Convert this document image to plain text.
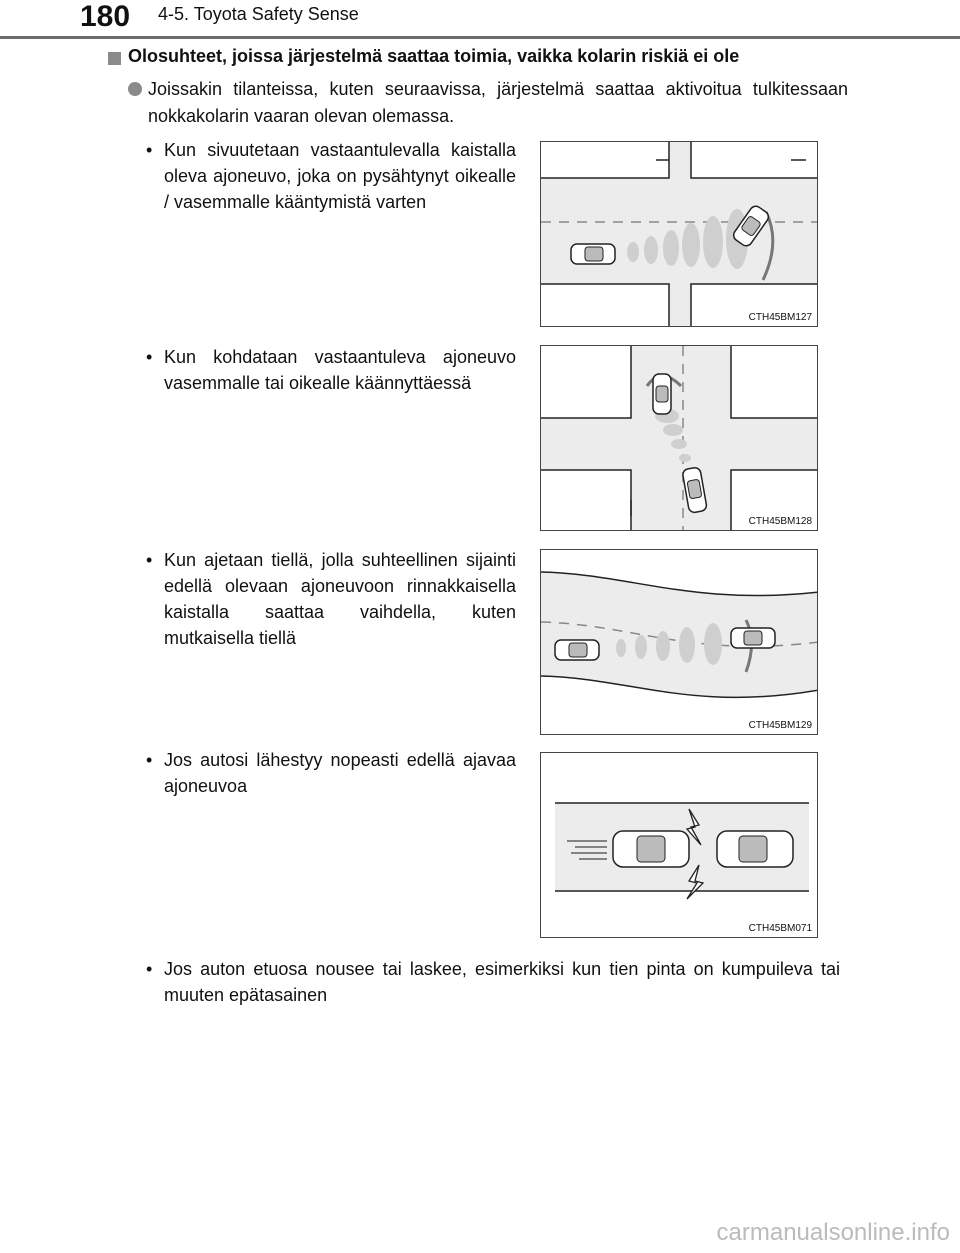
180 4-5. Toyota Safety Sense
Olosuhteet, joissa järjestelmä saattaa toimia, vaikka kolarin riskiä ei ole
Joissakin tilanteissa, kuten seuraavissa, järjestelmä saattaa aktivoitua tulkitessaan nokkakolarin vaaran olevan olemassa.
• Kun sivuutetaan vastaantulevalla kaistalla oleva ajoneuvo, joka on pysähtynyt oikealle / vasemmalle kääntymistä varten
CTH45BM127
• Kun kohdataan vastaantuleva ajoneuvo vasemmalle tai oikealle käännyttäessä
CTH45BM128
• Kun ajetaan tiellä, jolla suhteellinen sijainti edellä olevaan ajoneuvoon rinnakkaisella kaistalla saattaa vaihdella, kuten mutkaisella tiellä
CTH45BM129
• Jos autosi lähestyy nopeasti edellä ajavaa ajoneuvoa
CTH45BM071
• Jos auton etuosa nousee tai laskee, esimerkiksi kun tien pinta on kumpuileva tai muuten epätasainen
carmanualsonline.info
